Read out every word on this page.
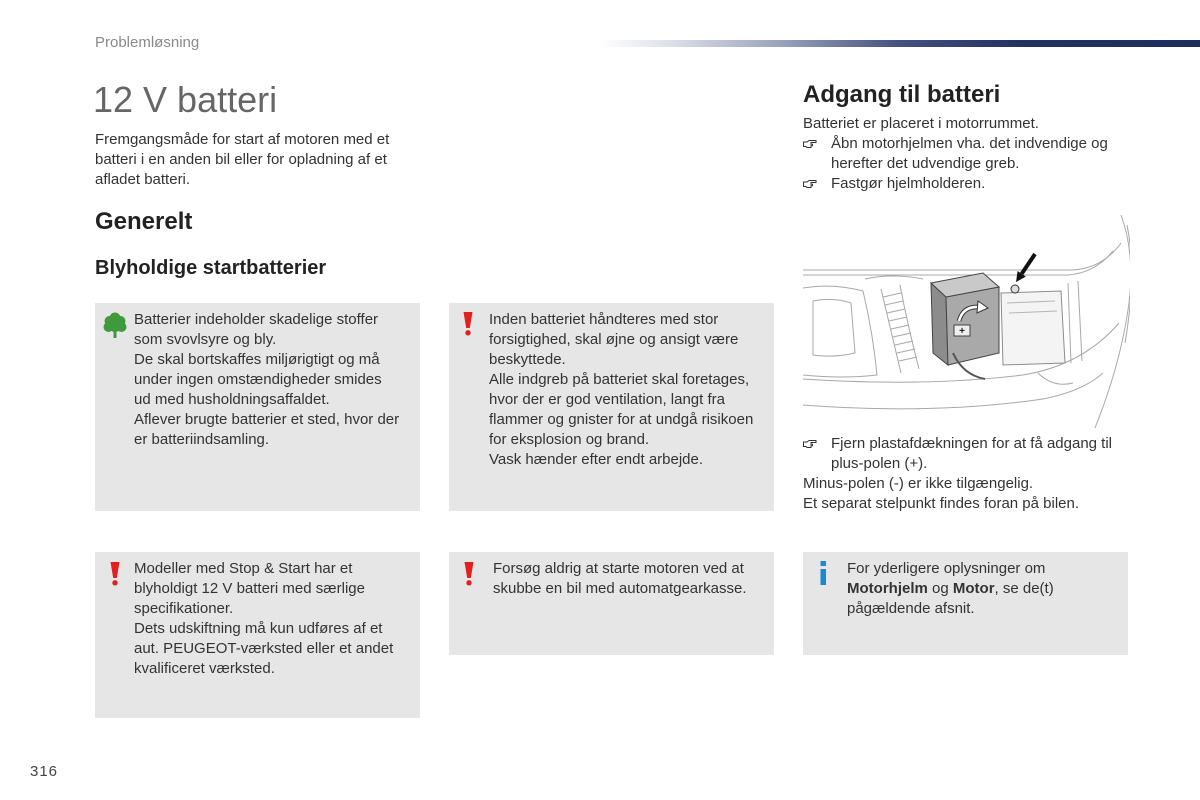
Problemløsning
12 V batteri
Fremgangsmåde for start af motoren med et
batteri i en anden bil eller for opladning af et
afladet batteri.
Generelt
Blyholdige startbatterier
Batterier indeholder skadelige stoffer
som svovlsyre og bly.
De skal bortskaffes miljørigtigt og må
under ingen omstændigheder smides
ud med husholdningsaffaldet.
Aflever brugte batterier et sted, hvor der
er batteriindsamling.
Inden batteriet håndteres med stor
forsigtighed, skal øjne og ansigt være
beskyttede.
Alle indgreb på batteriet skal foretages,
hvor der er god ventilation, langt fra
flammer og gnister for at undgå risikoen
for eksplosion og brand.
Vask hænder efter endt arbejde.
Modeller med Stop & Start har et
blyholdigt 12 V batteri med særlige
specifikationer.
Dets udskiftning må kun udføres af et
aut. PEUGEOT-værksted eller et andet
kvalificeret værksted.
Forsøg aldrig at starte motoren ved at
skubbe en bil med automatgearkasse.
Adgang til batteri
Batteriet er placeret i motorrummet.
Åbn motorhjelmen vha. det indvendige og
herefter det udvendige greb.
Fastgør hjelmholderen.
+
Fjern plastafdækningen for at få adgang til
plus-polen (+).
Minus-polen (-) er ikke tilgængelig.
Et separat stelpunkt findes foran på bilen.
For yderligere oplysninger om
Motorhjelm og Motor, se de(t)
pågældende afsnit.
316
